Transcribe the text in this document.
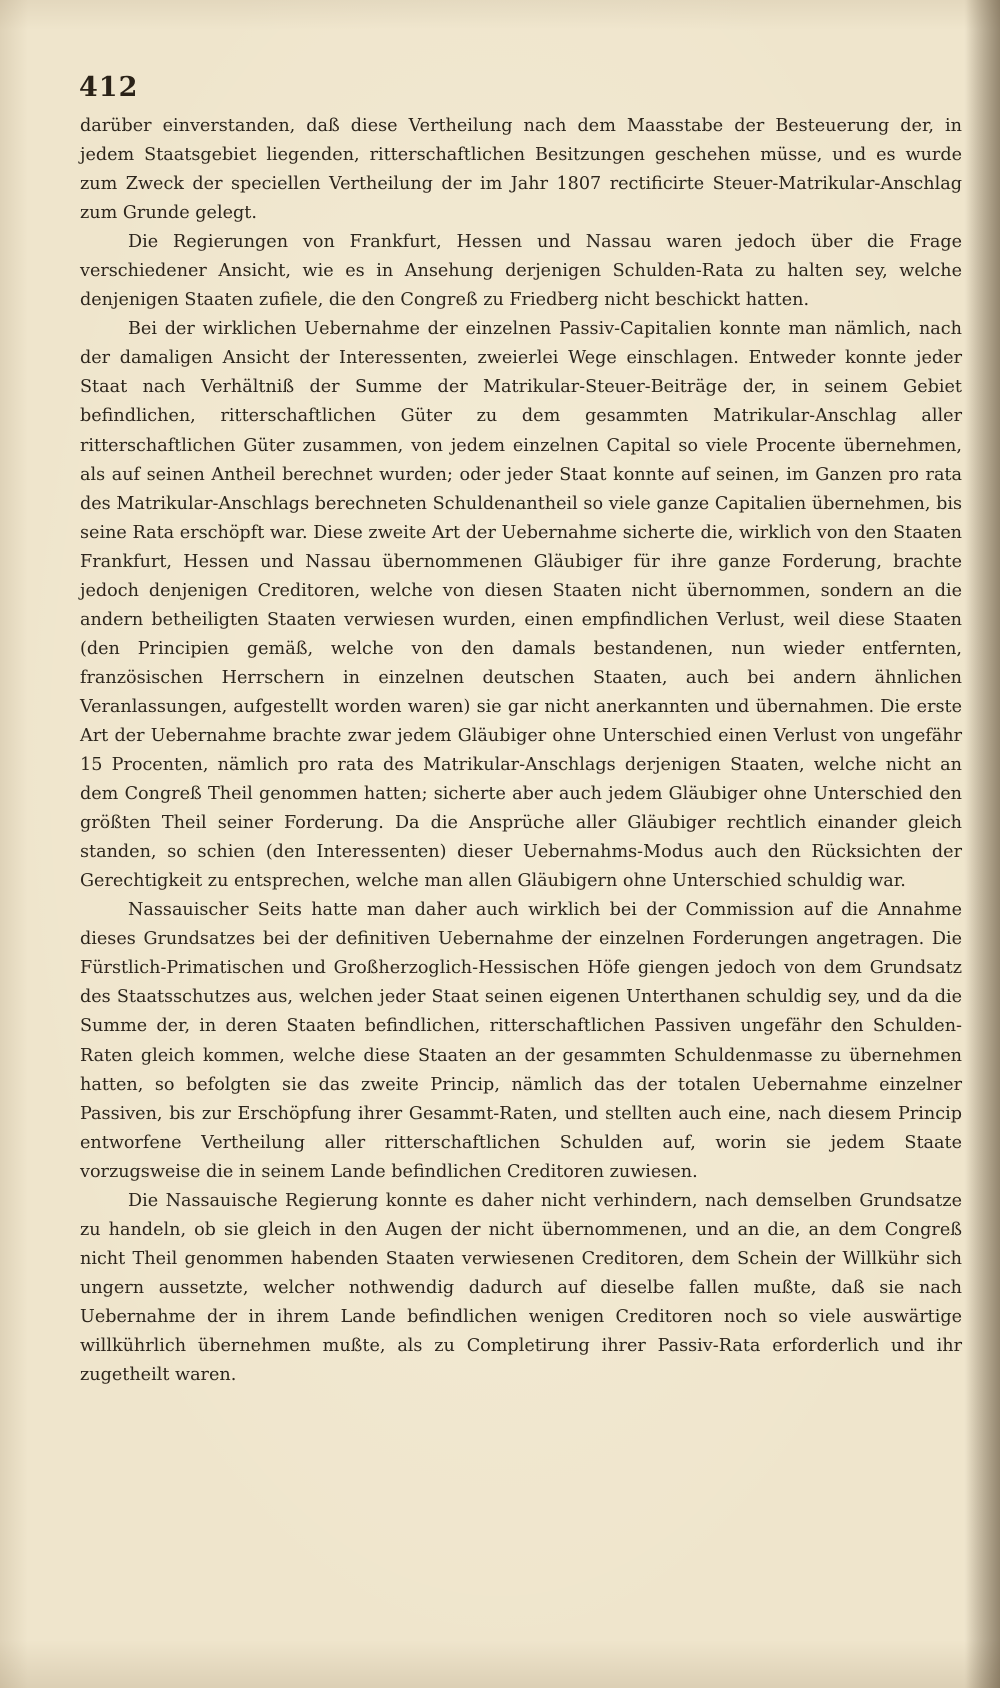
412

darüber einverstanden, daß diese Vertheilung nach dem Maasstabe der Besteuerung der, in jedem Staatsgebiet liegenden, ritterschaftlichen Besitzungen geschehen müsse, und es wurde zum Zweck der speciellen Vertheilung der im Jahr 1807 rectificirte Steuer-Matrikular-Anschlag zum Grunde gelegt.

Die Regierungen von Frankfurt, Hessen und Nassau waren jedoch über die Frage verschiedener Ansicht, wie es in Ansehung derjenigen Schulden-Rata zu halten sey, welche denjenigen Staaten zufiele, die den Congreß zu Friedberg nicht beschickt hatten.

Bei der wirklichen Uebernahme der einzelnen Passiv-Capitalien konnte man nämlich, nach der damaligen Ansicht der Interessenten, zweierlei Wege einschlagen. Entweder konnte jeder Staat nach Verhältniß der Summe der Matrikular-Steuer-Beiträge der, in seinem Gebiet befindlichen, ritterschaftlichen Güter zu dem gesammten Matrikular-Anschlag aller ritterschaftlichen Güter zusammen, von jedem einzelnen Capital so viele Procente übernehmen, als auf seinen Antheil berechnet wurden; oder jeder Staat konnte auf seinen, im Ganzen pro rata des Matrikular-Anschlags berechneten Schuldenantheil so viele ganze Capitalien übernehmen, bis seine Rata erschöpft war. Diese zweite Art der Uebernahme sicherte die, wirklich von den Staaten Frankfurt, Hessen und Nassau übernommenen Gläubiger für ihre ganze Forderung, brachte jedoch denjenigen Creditoren, welche von diesen Staaten nicht übernommen, sondern an die andern betheiligten Staaten verwiesen wurden, einen empfindlichen Verlust, weil diese Staaten (den Principien gemäß, welche von den damals bestandenen, nun wieder entfernten, französischen Herrschern in einzelnen deutschen Staaten, auch bei andern ähnlichen Veranlassungen, aufgestellt worden waren) sie gar nicht anerkannten und übernahmen. Die erste Art der Uebernahme brachte zwar jedem Gläubiger ohne Unterschied einen Verlust von ungefähr 15 Procenten, nämlich pro rata des Matrikular-Anschlags derjenigen Staaten, welche nicht an dem Congreß Theil genommen hatten; sicherte aber auch jedem Gläubiger ohne Unterschied den größten Theil seiner Forderung. Da die Ansprüche aller Gläubiger rechtlich einander gleich standen, so schien (den Interessenten) dieser Uebernahms-Modus auch den Rücksichten der Gerechtigkeit zu entsprechen, welche man allen Gläubigern ohne Unterschied schuldig war.

Nassauischer Seits hatte man daher auch wirklich bei der Commission auf die Annahme dieses Grundsatzes bei der definitiven Uebernahme der einzelnen Forderungen angetragen. Die Fürstlich-Primatischen und Großherzoglich-Hessischen Höfe giengen jedoch von dem Grundsatz des Staatsschutzes aus, welchen jeder Staat seinen eigenen Unterthanen schuldig sey, und da die Summe der, in deren Staaten befindlichen, ritterschaftlichen Passiven ungefähr den Schulden-Raten gleich kommen, welche diese Staaten an der gesammten Schuldenmasse zu übernehmen hatten, so befolgten sie das zweite Princip, nämlich das der totalen Uebernahme einzelner Passiven, bis zur Erschöpfung ihrer Gesammt-Raten, und stellten auch eine, nach diesem Princip entworfene Vertheilung aller ritterschaftlichen Schulden auf, worin sie jedem Staate vorzugsweise die in seinem Lande befindlichen Creditoren zuwiesen.

Die Nassauische Regierung konnte es daher nicht verhindern, nach demselben Grundsatze zu handeln, ob sie gleich in den Augen der nicht übernommenen, und an die, an dem Congreß nicht Theil genommen habenden Staaten verwiesenen Creditoren, dem Schein der Willkühr sich ungern aussetzte, welcher nothwendig dadurch auf dieselbe fallen mußte, daß sie nach Uebernahme der in ihrem Lande befindlichen wenigen Creditoren noch so viele auswärtige willkührlich übernehmen mußte, als zu Completirung ihrer Passiv-Rata erforderlich und ihr zugetheilt waren.
